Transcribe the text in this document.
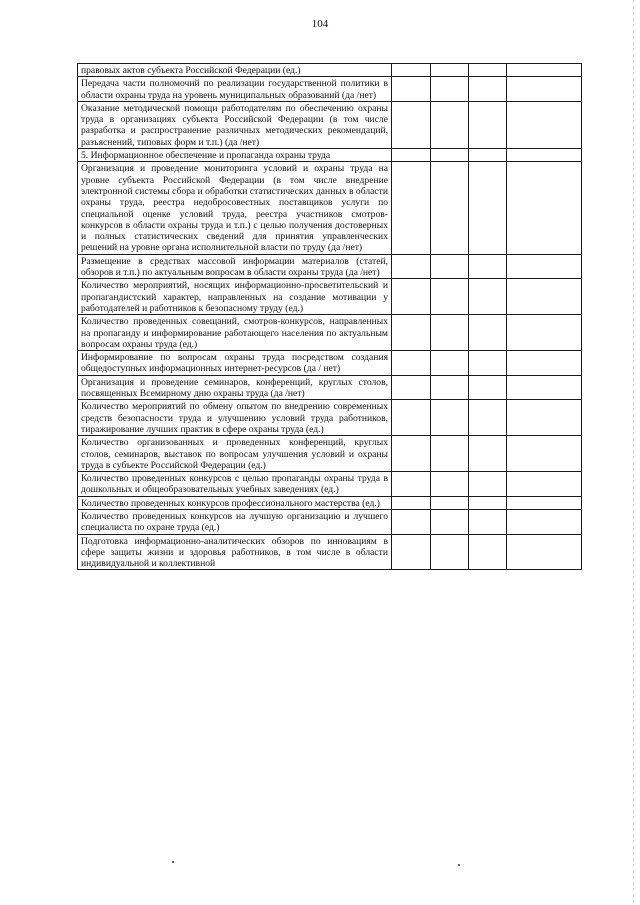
104
правовых актов субъекта Российской Федерации (ед.)				
Передача части полномочий по реализации государственной политики в области охраны труда на уровень муниципальных образований (да /нет)				
Оказание методической помощи работодателям по обеспечению охраны труда в организациях субъекта Российской Федерации (в том числе разработка и распространение различных методических рекомендаций, разъяснений, типовых форм и т.п.) (да /нет)				
5. Информационное обеспечение и пропаганда охраны труда				
Организация и проведение мониторинга условий и охраны труда на уровне субъекта Российской Федерации (в том числе внедрение электронной системы сбора и обработки статистических данных в области охраны труда, реестра недобросовестных поставщиков услуги по специальной оценке условий труда, реестра участников смотров-конкурсов в области охраны труда и т.п.) с целью получения достоверных и полных статистических сведений для принятия управленческих решений на уровне органа исполнительной власти по труду (да /нет)				
Размещение в средствах массовой информации материалов (статей, обзоров и т.п.) по актуальным вопросам в области охраны труда (да /нет)				
Количество мероприятий, носящих информационно-просветительский и пропагандистский характер, направленных на создание мотивации у работодателей и работников к безопасному труду (ед.)				
Количество проведенных совещаний, смотров-конкурсов, направленных на пропаганду и информирование работающего населения по актуальным вопросам охраны труда (ед.)				
Информирование по вопросам охраны труда посредством создания общедоступных информационных интернет-ресурсов (да / нет)				
Организация и проведение семинаров, конференций, круглых столов, посвященных Всемирному дню охраны труда (да /нет)				
Количество мероприятий по обмену опытом по внедрению современных средств безопасности труда и улучшению условий труда работников, тиражирование лучших практик в сфере охраны труда (ед.)				
Количество организованных и проведенных конференций, круглых столов, семинаров, выставок по вопросам улучшения условий и охраны труда в субъекте Российской Федерации (ед.)				
Количество проведенных конкурсов с целью пропаганды охраны труда в дошкольных и общеобразовательных учебных заведениях (ед.)				
Количество проведенных конкурсов профессионального мастерства (ед.)				
Количество проведенных конкурсов на лучшую организацию и лучшего специалиста по охране труда (ед.)				
Подготовка информационно-аналитических обзоров по инновациям в сфере защиты жизни и здоровья работников, в том числе в области индивидуальной и коллективной				
